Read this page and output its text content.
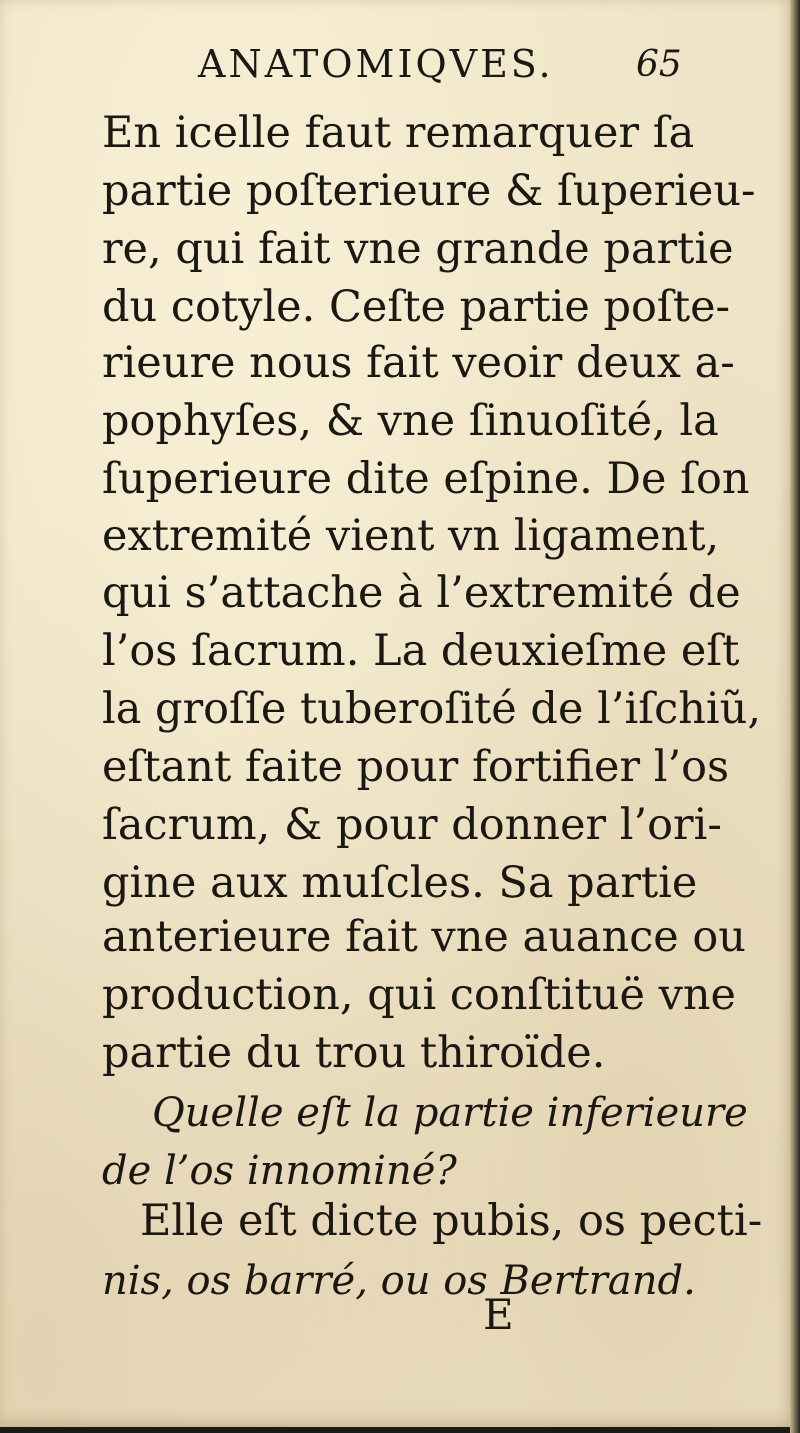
ANATOMIQVES. 65
En icelle faut remarquer ſa
partie poſterieure & ſuperieu-
re, qui fait vne grande partie
du cotyle. Ceſte partie poſte-
rieure nous fait veoir deux a-
pophyſes, & vne ſinuoſité, la
ſuperieure dite eſpine. De ſon
extremité vient vn ligament,
qui s’attache à l’extremité de
l’os ſacrum. La deuxieſme eſt
la groſſe tuberoſité de l’iſchiũ,
eſtant faite pour fortifier l’os
ſacrum, & pour donner l’ori-
gine aux muſcles. Sa partie
anterieure fait vne auance ou
production, qui conſtituë vne
partie du trou thiroïde.
Quelle eſt la partie inferieure
de l’os innominé?
Elle eſt dicte pubis, os pecti-
nis, os barré, ou os Bertrand.
E
